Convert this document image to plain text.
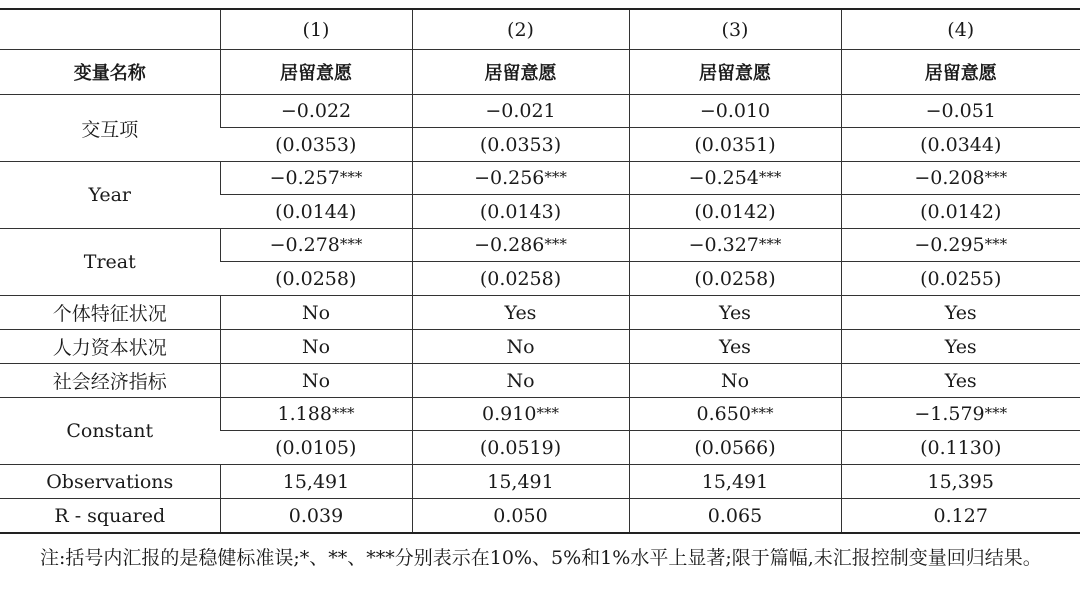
	(1)	(2)	(3)	(4)
变量名称	居留意愿	居留意愿	居留意愿	居留意愿
交互项	−0.022	−0.021	−0.010	−0.051
	(0.0353)	(0.0353)	(0.0351)	(0.0344)
Year	−0.257***	−0.256***	−0.254***	−0.208***
	(0.0144)	(0.0143)	(0.0142)	(0.0142)
Treat	−0.278***	−0.286***	−0.327***	−0.295***
	(0.0258)	(0.0258)	(0.0258)	(0.0255)
个体特征状况	No	Yes	Yes	Yes
人力资本状况	No	No	Yes	Yes
社会经济指标	No	No	No	Yes
Constant	1.188***	0.910***	0.650***	−1.579***
	(0.0105)	(0.0519)	(0.0566)	(0.1130)
Observations	15,491	15,491	15,491	15,395
R - squared	0.039	0.050	0.065	0.127

注:括号内汇报的是稳健标准误;*、**、***分别表示在10%、5%和1%水平上显著;限于篇幅,未汇报控制变量回归结果。
